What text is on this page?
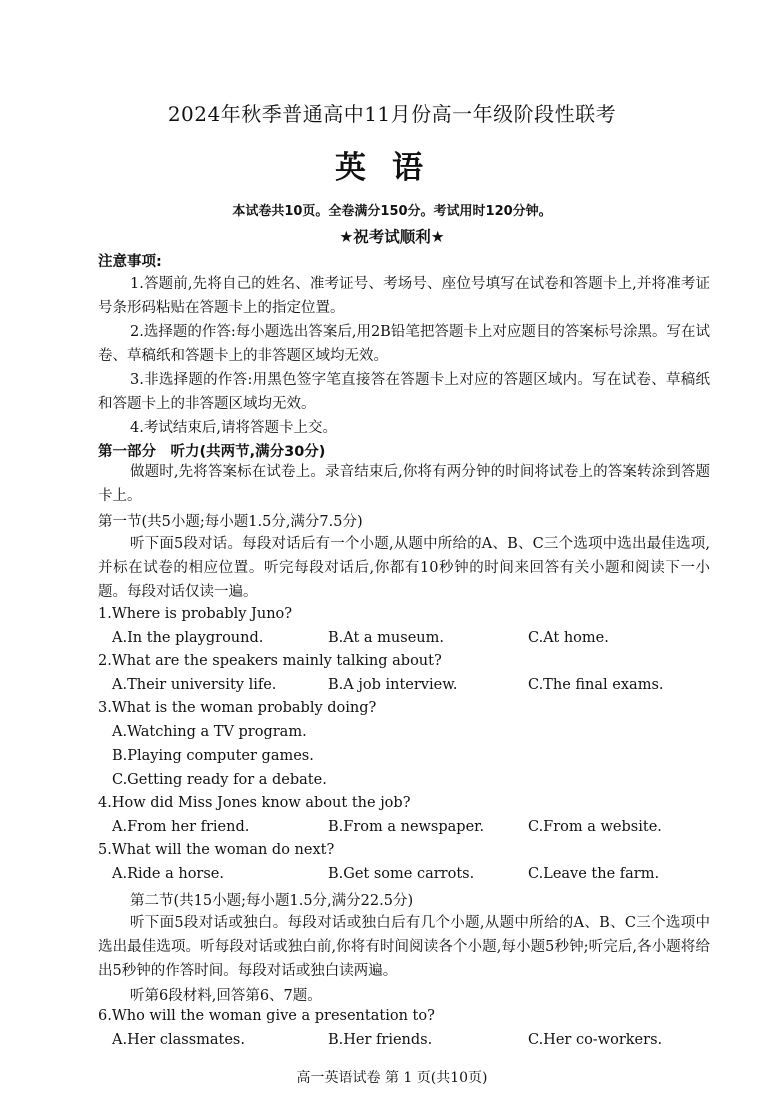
2024年秋季普通高中11月份高一年级阶段性联考
英语
本试卷共10页。全卷满分150分。考试用时120分钟。
★祝考试顺利★
注意事项:
1.答题前,先将自己的姓名、准考证号、考场号、座位号填写在试卷和答题卡上,并将准考证号条形码粘贴在答题卡上的指定位置。
2.选择题的作答:每小题选出答案后,用2B铅笔把答题卡上对应题目的答案标号涂黑。写在试卷、草稿纸和答题卡上的非答题区域均无效。
3.非选择题的作答:用黑色签字笔直接答在答题卡上对应的答题区域内。写在试卷、草稿纸和答题卡上的非答题区域均无效。
4.考试结束后,请将答题卡上交。
第一部分　听力(共两节,满分30分)
做题时,先将答案标在试卷上。录音结束后,你将有两分钟的时间将试卷上的答案转涂到答题卡上。
第一节(共5小题;每小题1.5分,满分7.5分)
听下面5段对话。每段对话后有一个小题,从题中所给的A、B、C三个选项中选出最佳选项,并标在试卷的相应位置。听完每段对话后,你都有10秒钟的时间来回答有关小题和阅读下一小题。每段对话仅读一遍。
1.Where is probably Juno?
A.In the playground.	B.At a museum.	C.At home.
2.What are the speakers mainly talking about?
A.Their university life.	B.A job interview.	C.The final exams.
3.What is the woman probably doing?
A.Watching a TV program.
B.Playing computer games.
C.Getting ready for a debate.
4.How did Miss Jones know about the job?
A.From her friend.	B.From a newspaper.	C.From a website.
5.What will the woman do next?
A.Ride a horse.	B.Get some carrots.	C.Leave the farm.
第二节(共15小题;每小题1.5分,满分22.5分)
听下面5段对话或独白。每段对话或独白后有几个小题,从题中所给的A、B、C三个选项中选出最佳选项。听每段对话或独白前,你将有时间阅读各个小题,每小题5秒钟;听完后,各小题将给出5秒钟的作答时间。每段对话或独白读两遍。
听第6段材料,回答第6、7题。
6.Who will the woman give a presentation to?
A.Her classmates.	B.Her friends.	C.Her co-workers.
高一英语试卷 第 1 页(共10页)
